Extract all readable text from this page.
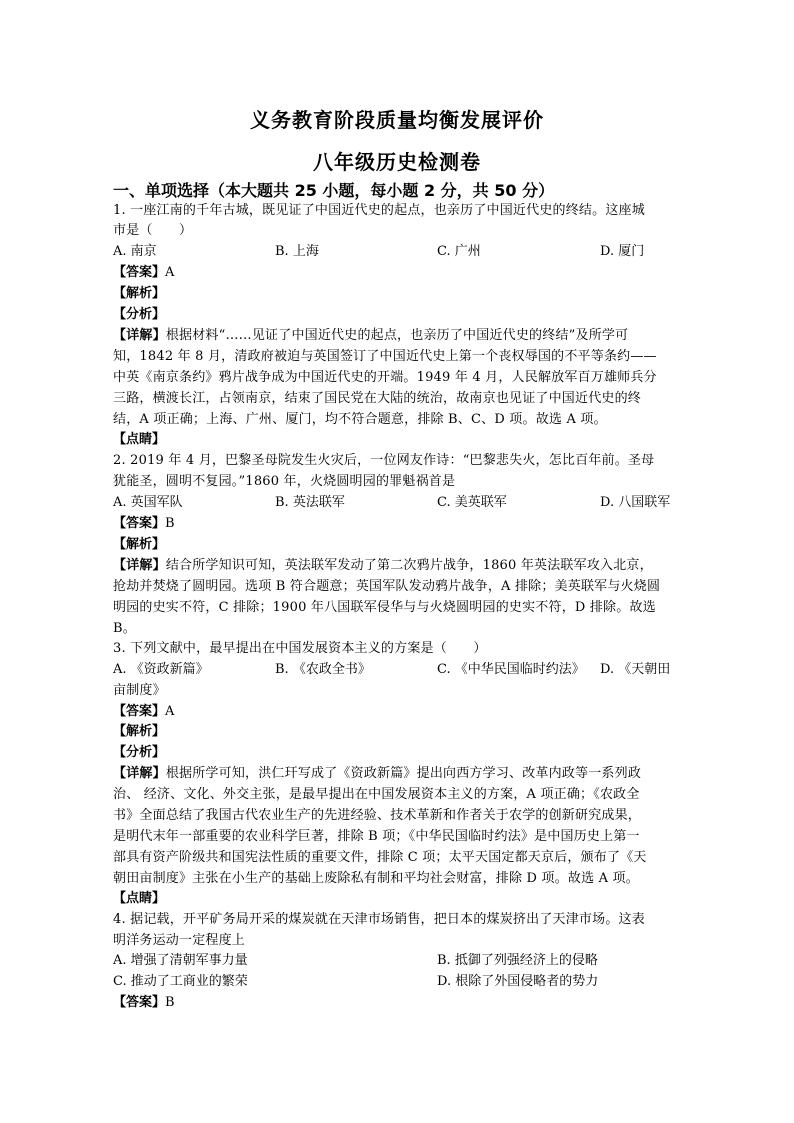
义务教育阶段质量均衡发展评价
八年级历史检测卷
一、单项选择（本大题共 25 小题，每小题 2 分，共 50 分）
1. 一座江南的千年古城，既见证了中国近代史的起点，也亲历了中国近代史的终结。这座城
市是（　　）
A. 南京	B. 上海	C. 广州	D. 厦门
【答案】A
【解析】
【分析】
【详解】根据材料“……见证了中国近代史的起点，也亲历了中国近代史的终结”及所学可
知，1842 年 8 月，清政府被迫与英国签订了中国近代史上第一个丧权辱国的不平等条约——
中英《南京条约》鸦片战争成为中国近代史的开端。1949 年 4 月，人民解放军百万雄师兵分
三路，横渡长江，占领南京，结束了国民党在大陆的统治，故南京也见证了中国近代史的终
结，A 项正确；上海、广州、厦门，均不符合题意，排除 B、C、D 项。故选 A 项。
【点睛】
2. 2019 年 4 月，巴黎圣母院发生火灾后，一位网友作诗：“巴黎悲失火，怎比百年前。圣母
犹能圣，圆明不复园。”1860 年，火烧圆明园的罪魁祸首是
A. 英国军队	B. 英法联军	C. 美英联军	D. 八国联军
【答案】B
【解析】
【详解】结合所学知识可知，英法联军发动了第二次鸦片战争，1860 年英法联军攻入北京，
抢劫并焚烧了圆明园。选项 B 符合题意；英国军队发动鸦片战争，A 排除；美英联军与火烧圆
明园的史实不符，C 排除；1900 年八国联军侵华与与火烧圆明园的史实不符，D 排除。故选
B。
3. 下列文献中，最早提出在中国发展资本主义的方案是（　　）
A. 《资政新篇》	B. 《农政全书》	C. 《中华民国临时约法》 D. 《天朝田
亩制度》
【答案】A
【解析】
【分析】
【详解】根据所学可知，洪仁玕写成了《资政新篇》提出向西方学习、改革内政等一系列政
治、 经济、文化、外交主张，是最早提出在中国发展资本主义的方案，A 项正确；《农政全
书》全面总结了我国古代农业生产的先进经验、技术革新和作者关于农学的创新研究成果，
是明代末年一部重要的农业科学巨著，排除 B 项；《中华民国临时约法》是中国历史上第一
部具有资产阶级共和国宪法性质的重要文件，排除 C 项；太平天国定都天京后，颁布了《天
朝田亩制度》主张在小生产的基础上废除私有制和平均社会财富，排除 D 项。故选 A 项。
【点睛】
4. 据记载，开平矿务局开采的煤炭就在天津市场销售，把日本的煤炭挤出了天津市场。这表
明洋务运动一定程度上
A. 增强了清朝军事力量	B. 抵御了列强经济上的侵略
C. 推动了工商业的繁荣	D. 根除了外国侵略者的势力
【答案】B
